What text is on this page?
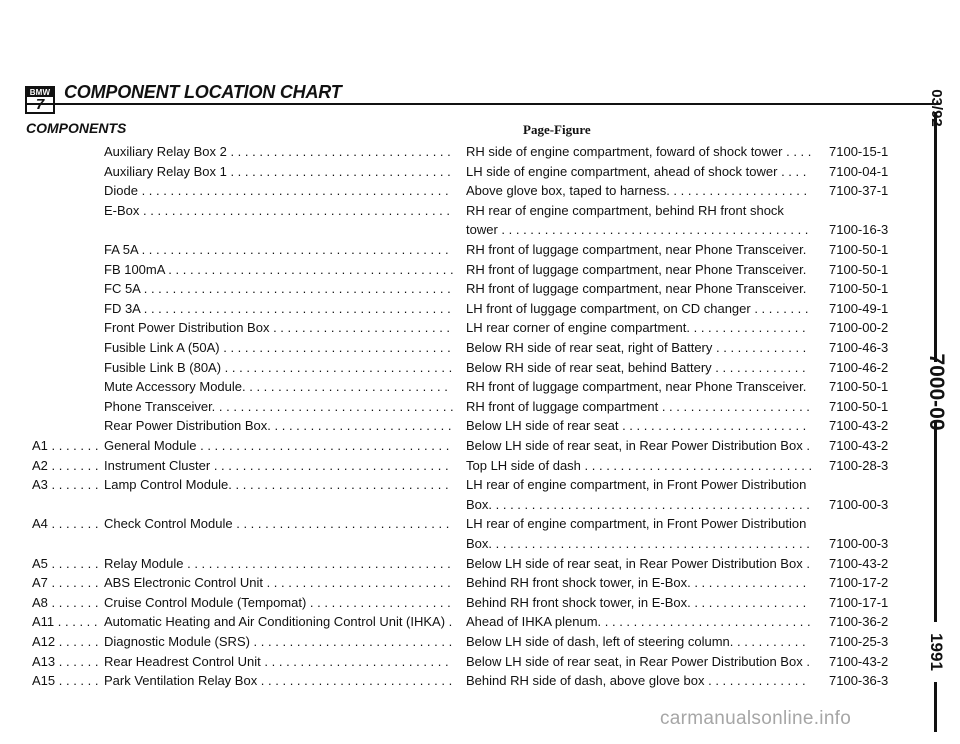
BMW COMPONENT LOCATION CHART
COMPONENTS	Page-Figure
Auxiliary Relay Box 2 . . . . . . . . . . . . . . . . . . . . . . . . . . . . . . . RH side of engine compartment, foward of shock tower . . . . 7100-15-1
Auxiliary Relay Box 1 . . . . . . . . . . . . . . . . . . . . . . . . . . . . . . . LH side of engine compartment, ahead of shock tower . . . .	7100-04-1
Diode . . . . . . . . . . . . . . . . . . . . . . . . . . . . . . . . . . . . . . . . . . .	Above glove box, taped to harness. . . . . . . . . . . . . . . . . . . .	7100-37-1
E-Box . . . . . . . . . . . . . . . . . . . . . . . . . . . . . . . . . . . . . . . . . . .	RH rear of engine compartment, behind RH front shock
tower . . . . . . . . . . . . . . . . . . . . . . . . . . . . . . . . . . . . . . . . . . . 7100-16-3
FA 5A . . . . . . . . . . . . . . . . . . . . . . . . . . . . . . . . . . . . . . . . . . .	RH front of luggage compartment, near Phone Transceiver.	7100-50-1
FB 100mA . . . . . . . . . . . . . . . . . . . . . . . . . . . . . . . . . . . . . . . . RH front of luggage compartment, near Phone Transceiver.	7100-50-1
FC 5A . . . . . . . . . . . . . . . . . . . . . . . . . . . . . . . . . . . . . . . . . . . RH front of luggage compartment, near Phone Transceiver.	7100-50-1
FD 3A . . . . . . . . . . . . . . . . . . . . . . . . . . . . . . . . . . . . . . . . . . . LH front of luggage compartment, on CD changer . . . . . . . . 7100-49-1
Front Power Distribution Box . . . . . . . . . . . . . . . . . . . . . . . . .	LH rear corner of engine compartment. . . . . . . . . . . . . . . . .	7100-00-2
Fusible Link A (50A) . . . . . . . . . . . . . . . . . . . . . . . . . . . . . . . . Below RH side of rear seat, right of Battery . . . . . . . . . . . . .	7100-46-3
Fusible Link B (80A) . . . . . . . . . . . . . . . . . . . . . . . . . . . . . . . . Below RH side of rear seat, behind Battery . . . . . . . . . . . . .	7100-46-2
Mute Accessory Module. . . . . . . . . . . . . . . . . . . . . . . . . . . . .	RH front of luggage compartment, near Phone Transceiver.	7100-50-1
Phone Transceiver. . . . . . . . . . . . . . . . . . . . . . . . . . . . . . . . . . RH front of luggage compartment . . . . . . . . . . . . . . . . . . . . . 7100-50-1
Rear Power Distribution Box. . . . . . . . . . . . . . . . . . . . . . . . . . Below LH side of rear seat . . . . . . . . . . . . . . . . . . . . . . . . . .	7100-43-2
A1 . . . . . . . General Module . . . . . . . . . . . . . . . . . . . . . . . . . . . . . . . . . . .	Below LH side of rear seat, in Rear Power Distribution Box . 7100-43-2
A2 . . . . . . . Instrument Cluster . . . . . . . . . . . . . . . . . . . . . . . . . . . . . . . . .	Top LH side of dash . . . . . . . . . . . . . . . . . . . . . . . . . . . . . . . . 7100-28-3
A3 . . . . . . . Lamp Control Module. . . . . . . . . . . . . . . . . . . . . . . . . . . . . . .	LH rear of engine compartment, in Front Power Distribution
Box. . . . . . . . . . . . . . . . . . . . . . . . . . . . . . . . . . . . . . . . . . . . . 7100-00-3
A4 . . . . . . . Check Control Module . . . . . . . . . . . . . . . . . . . . . . . . . . . . . .	LH rear of engine compartment, in Front Power Distribution
Box. . . . . . . . . . . . . . . . . . . . . . . . . . . . . . . . . . . . . . . . . . . . . 7100-00-3
A5 . . . . . . . Relay Module . . . . . . . . . . . . . . . . . . . . . . . . . . . . . . . . . . . . . Below LH side of rear seat, in Rear Power Distribution Box . 7100-43-2
A7 . . . . . . . ABS Electronic Control Unit . . . . . . . . . . . . . . . . . . . . . . . . . . Behind RH front shock tower, in E-Box. . . . . . . . . . . . . . . . .	7100-17-2
A8 . . . . . . . Cruise Control Module (Tempomat) . . . . . . . . . . . . . . . . . . . . Behind RH front shock tower, in E-Box. . . . . . . . . . . . . . . . .	7100-17-1
A11 . . . . . . Automatic Heating and Air Conditioning Control Unit (IHKA) . Ahead of IHKA plenum. . . . . . . . . . . . . . . . . . . . . . . . . . . . . . 7100-36-2
A12 . . . . . . Diagnostic Module (SRS) . . . . . . . . . . . . . . . . . . . . . . . . . . . . Below LH side of dash, left of steering column. . . . . . . . . . .	7100-25-3
A13 . . . . . . Rear Headrest Control Unit . . . . . . . . . . . . . . . . . . . . . . . . . .	Below LH side of rear seat, in Rear Power Distribution Box . 7100-43-2
A15 . . . . . . Park Ventilation Relay Box . . . . . . . . . . . . . . . . . . . . . . . . . . . Behind RH side of dash, above glove box . . . . . . . . . . . . . .	7100-36-3
03/92
7000-00
1991
carmanualsonline.info
